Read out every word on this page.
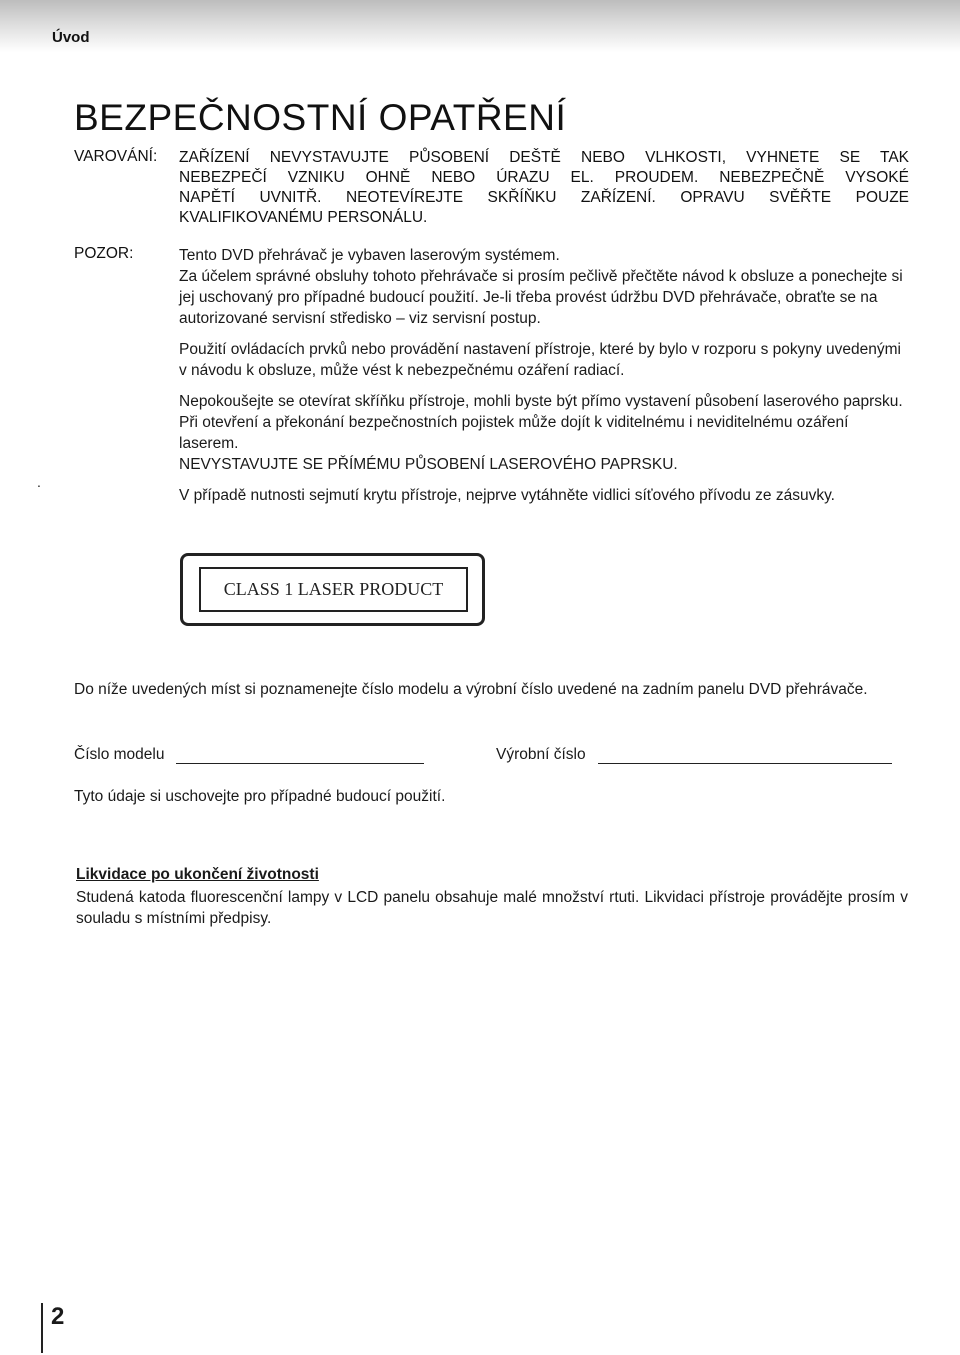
Úvod
BEZPEČNOSTNÍ OPATŘENÍ
VAROVÁNÍ: ZAŘÍZENÍ NEVYSTAVUJTE PŮSOBENÍ DEŠTĚ NEBO VLHKOSTI, VYHNETE SE TAK
NEBEZPEČÍ VZNIKU OHNĚ NEBO ÚRAZU EL. PROUDEM. NEBEZPEČNĚ VYSOKÉ
NAPĚTÍ UVNITŘ. NEOTEVÍREJTE SKŘÍŇKU ZAŘÍZENÍ. OPRAVU SVĚŘTE POUZE
KVALIFIKOVANÉMU PERSONÁLU.
POZOR:	Tento DVD přehrávač je vybaven laserovým systémem.

Za účelem správné obsluhy tohoto přehrávače si prosím pečlivě přečtěte návod k obsluze a ponechejte si jej uschovaný pro případné budoucí použití. Je-li třeba provést údržbu DVD přehrávače, obraťte se na autorizované servisní středisko – viz servisní postup.

Použití ovládacích prvků nebo provádění nastavení přístroje, které by bylo v rozporu s pokyny uvedenými v návodu k obsluze, může vést k nebezpečnému ozáření radiací.

Nepokoušejte se otevírat skříňku přístroje, mohli byste být přímo vystavení působení laserového paprsku.

Při otevření a překonání bezpečnostních pojistek může dojít k viditelnému i neviditelnému ozáření laserem.

NEVYSTAVUJTE SE PŘÍMÉMU PŮSOBENÍ LASEROVÉHO PAPRSKU.

V případě nutnosti sejmutí krytu přístroje, nejprve vytáhněte vidlici síťového přívodu ze zásuvky.

.
CLASS 1 LASER PRODUCT
Do níže uvedených míst si poznamenejte číslo modelu a výrobní číslo uvedené na zadním panelu DVD přehrávače.
Číslo modelu	Výrobní číslo
Tyto údaje si uschovejte pro případné budoucí použití.
Likvidace po ukončení životnosti
Studená katoda fluorescenční lampy v LCD panelu obsahuje malé množství rtuti. Likvidaci přístroje provádějte prosím v souladu s místními předpisy.
2
